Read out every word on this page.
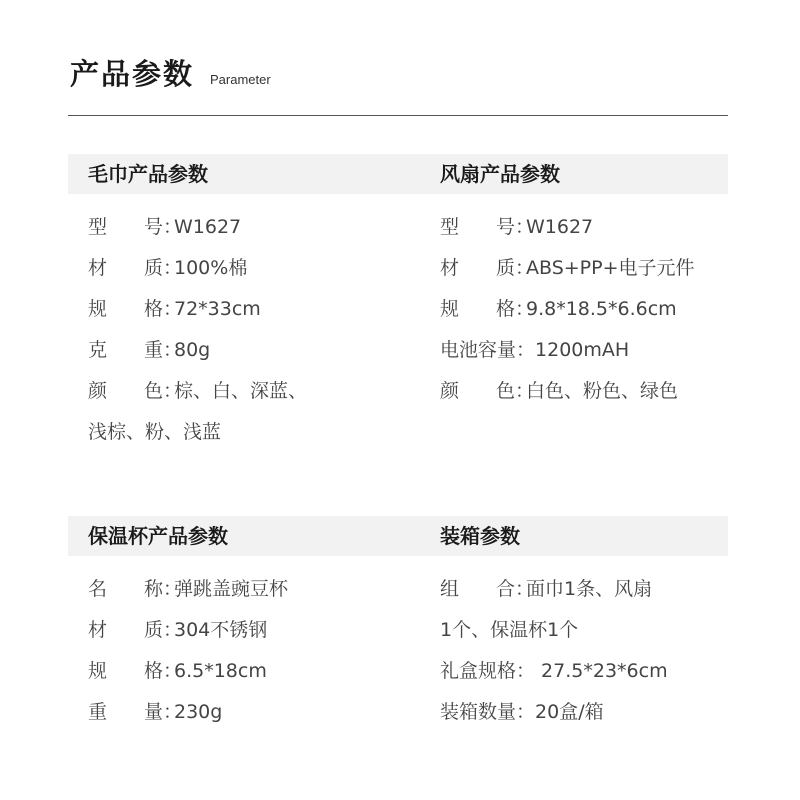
产品参数 Parameter
毛巾产品参数
型 号：W1627
材 质：100%棉
规 格：72*33cm
克 重：80g
颜 色：棕、白、深蓝、
浅棕、粉、浅蓝
风扇产品参数
型 号：W1627
材 质：ABS+PP+电子元件
规 格：9.8*18.5*6.6cm
电池容量：1200mAH
颜 色：白色、粉色、绿色
保温杯产品参数
名 称：弹跳盖豌豆杯
材 质：304不锈钢
规 格：6.5*18cm
重 量：230g
装箱参数
组 合：面巾1条、风扇
1个、保温杯1个
礼盒规格： 27.5*23*6cm
装箱数量：20盒/箱
